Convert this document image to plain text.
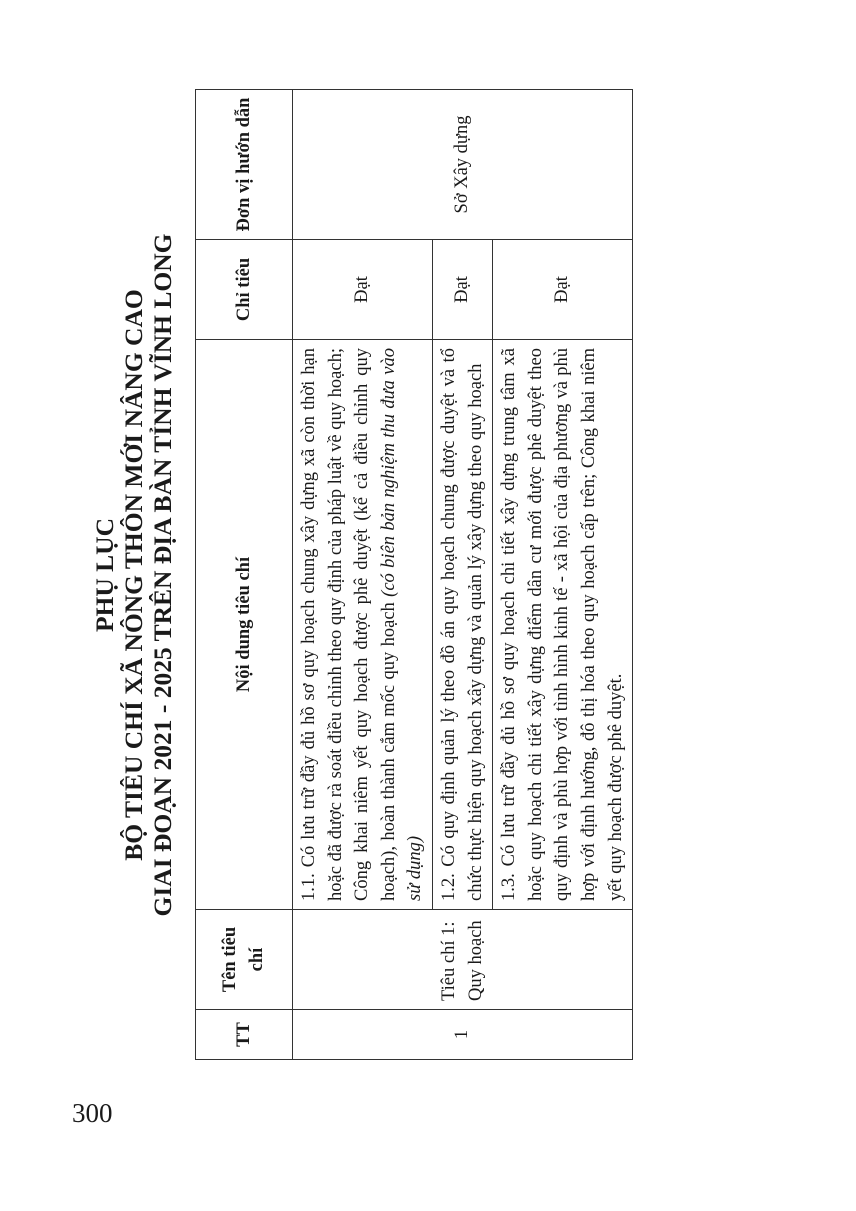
300
PHỤ LỤC BỘ TIÊU CHÍ XÃ NÔNG THÔN MỚI NÂNG CAO GIAI ĐOẠN 2021 - 2025 TRÊN ĐỊA BÀN TỈNH VĨNH LONG
TT	Tên tiêu chí	Nội dung tiêu chí	Chỉ tiêu	Đơn vị hướn dẫn
1	Tiêu chí 1: Quy hoạch	1.1. Có lưu trữ đầy đủ hồ sơ quy hoạch chung xây dựng xã còn thời hạn hoặc đã được rà soát điều chỉnh theo quy định của pháp luật về quy hoạch; Công khai niêm yết quy hoạch được phê duyệt (kể cả điều chỉnh quy hoạch), hoàn thành cắm mốc quy hoạch (có biên bản nghiệm thu đưa vào sử dụng)	Đạt	Sở Xây dựng
		1.2. Có quy định quản lý theo đồ án quy hoạch chung được duyệt và tổ chức thực hiện quy hoạch xây dựng và quản lý xây dựng theo quy hoạch	Đạt	
		1.3. Có lưu trữ đầy đủ hồ sơ quy hoạch chi tiết xây dựng trung tâm xã hoặc quy hoạch chi tiết xây dựng điểm dân cư mới được phê duyệt theo quy định và phù hợp với tình hình kinh tế - xã hội của địa phương và phù hợp với định hướng, đô thị hóa theo quy hoạch cấp trên; Công khai niêm yết quy hoạch được phê duyệt.	Đạt	
